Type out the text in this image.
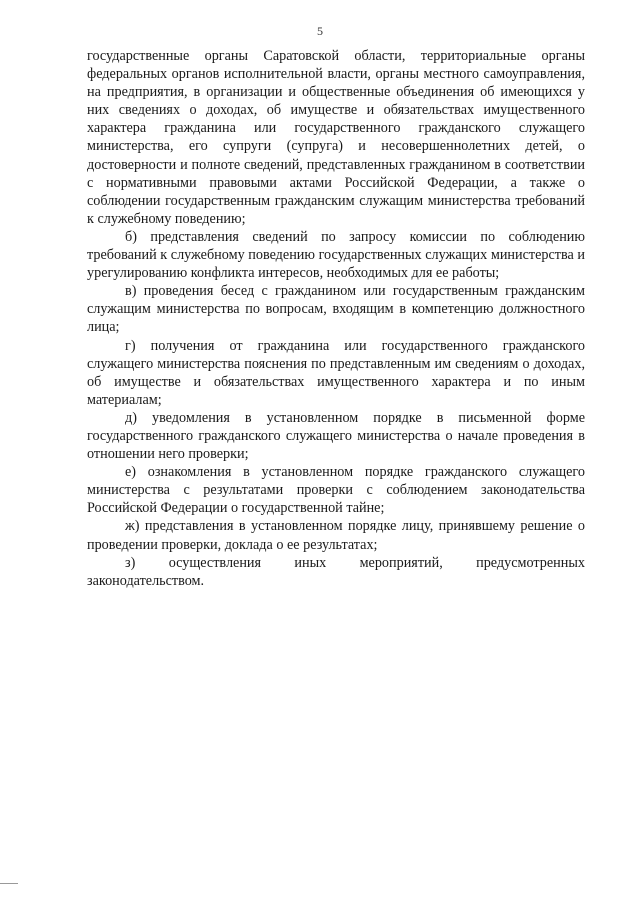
5

государственные органы Саратовской области, территориальные органы федеральных органов исполнительной власти, органы местного самоуправления, на предприятия, в организации и общественные объединения об имеющихся у них сведениях о доходах, об имуществе и обязательствах имущественного характера гражданина или государственного гражданского служащего министерства, его супруги (супруга) и несовершеннолетних детей, о достоверности и полноте сведений, представленных гражданином в соответствии с нормативными правовыми актами Российской Федерации, а также о соблюдении государственным гражданским служащим министерства требований к служебному поведению;

б) представления сведений по запросу комиссии по соблюдению требований к служебному поведению государственных служащих министерства и урегулированию конфликта интересов, необходимых для ее работы;

в) проведения бесед с гражданином или государственным гражданским служащим министерства по вопросам, входящим в компетенцию должностного лица;

г) получения от гражданина или государственного гражданского служащего министерства пояснения по представленным им сведениям о доходах, об имуществе и обязательствах имущественного характера и по иным материалам;

д) уведомления в установленном порядке в письменной форме государственного гражданского служащего министерства о начале проведения в отношении него проверки;

е) ознакомления в установленном порядке гражданского служащего министерства с результатами проверки с соблюдением законодательства Российской Федерации о государственной тайне;

ж) представления в установленном порядке лицу, принявшему решение о проведении проверки, доклада о ее результатах;

з) осуществления иных мероприятий, предусмотренных

законодательством.
